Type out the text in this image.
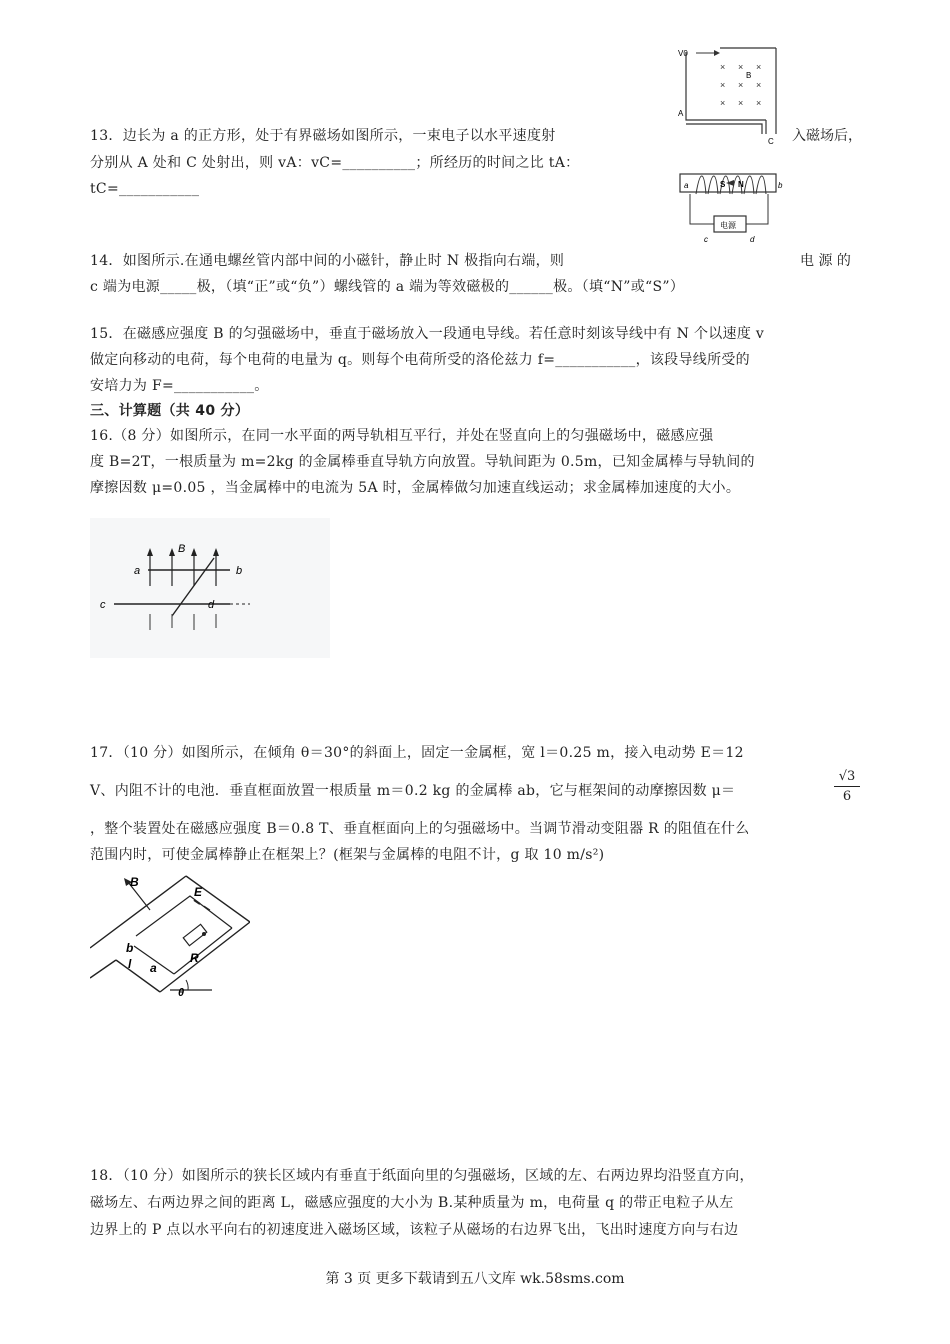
V0
A
C
B
× × ×
× × ×
× × ×
a	b
S N
电源
c	d
13．边长为 a 的正方形，处于有界磁场如图所示，一束电子以水平速度射	入磁场后，
分别从 A 处和 C 处射出，则 vA：vC=__________；所经历的时间之比 tA：
tC=___________
14．如图所示.在通电螺丝管内部中间的小磁针，静止时 N 极指向右端，则	电 源 的
c 端为电源_____极，（填“正”或“负”）螺线管的 a 端为等效磁极的______极。（填“N”或“S”）
15．在磁感应强度 B 的匀强磁场中，垂直于磁场放入一段通电导线。若任意时刻该导线中有 N 个以速度 v
做定向移动的电荷，每个电荷的电量为 q。则每个电荷所受的洛伦兹力 f=___________，该段导线所受的
安培力为 F=___________。
三、计算题（共 40 分）
16.（8 分）如图所示，在同一水平面的两导轨相互平行，并处在竖直向上的匀强磁场中，磁感应强
度 B=2T，一根质量为 m=2kg 的金属棒垂直导轨方向放置。导轨间距为 0.5m，已知金属棒与导轨间的
摩擦因数 μ=0.05 ，当金属棒中的电流为 5A 时，金属棒做匀加速直线运动；求金属棒加速度的大小。
B
a	b
c	d
17．（10 分）如图所示，在倾角 θ＝30°的斜面上，固定一金属框，宽 l＝0.25 m，接入电动势 E＝12
V、内阻不计的电池．垂直框面放置一根质量 m＝0.2 kg 的金属棒 ab，它与框架间的动摩擦因数 μ＝	$\frac{√3}{6}$
，整个装置处在磁感应强度 B＝0.8 T、垂直框面向上的匀强磁场中。当调节滑动变阻器 R 的阻值在什么
范围内时，可使金属棒静止在框架上？(框架与金属棒的电阻不计，g 取 10 m/s²)
B
E
b
l a
R
θ
18．（10 分）如图所示的狭长区域内有垂直于纸面向里的匀强磁场，区域的左、右两边界均沿竖直方向，
磁场左、右两边界之间的距离 L，磁感应强度的大小为 B.某种质量为 m，电荷量 q 的带正电粒子从左
边界上的 P 点以水平向右的初速度进入磁场区域，该粒子从磁场的右边界飞出，飞出时速度方向与右边
第 3 页 更多下载请到五八文库 wk.58sms.com
